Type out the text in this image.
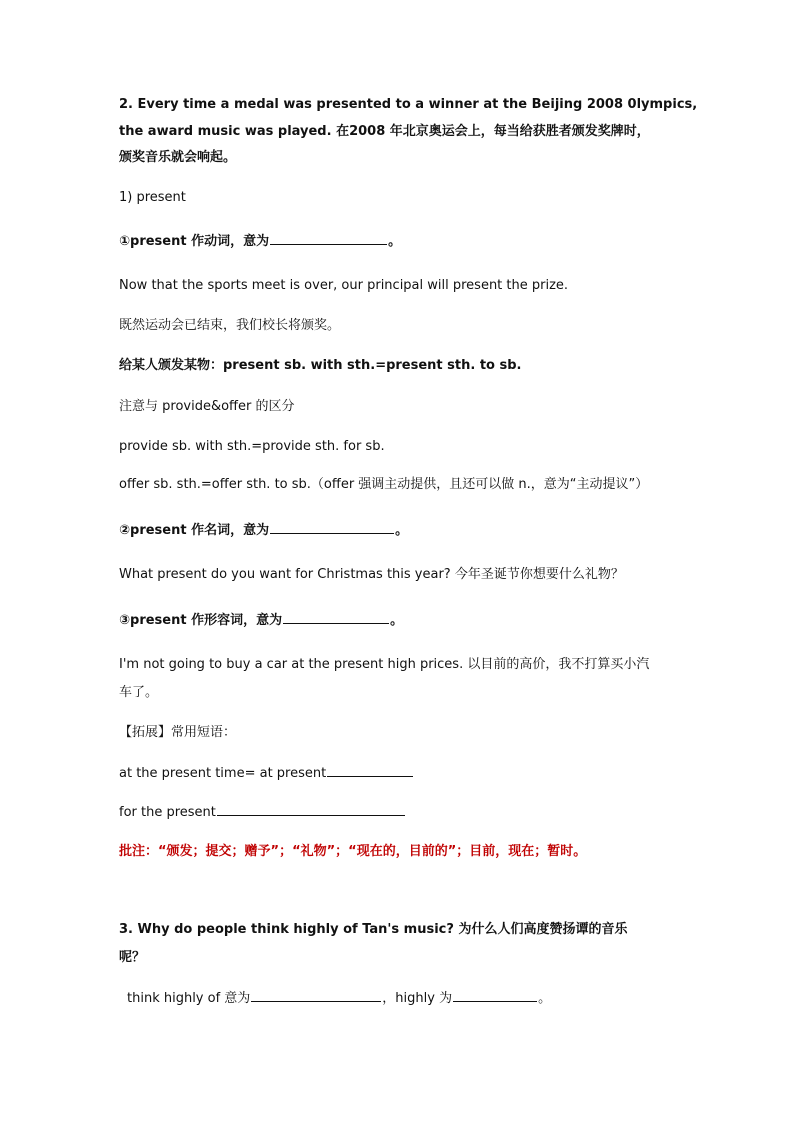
2. Every time a medal was presented to a winner at the Beijing 2008 0lympics,
the award music was played. 在2008 年北京奥运会上，每当给获胜者颁发奖牌时，
颁奖音乐就会响起。
1) present
①present 作动词，意为	。
Now that the sports meet is over, our principal will present the prize.
既然运动会已结束，我们校长将颁奖。
给某人颁发某物：present sb. with sth.=present sth. to sb.
注意与 provide&offer 的区分
provide sb. with sth.=provide sth. for sb.
offer sb. sth.=offer sth. to sb.（offer 强调主动提供，且还可以做 n.，意为“主动提议”）
②present 作名词，意为	。
What present do you want for Christmas this year? 今年圣诞节你想要什么礼物？
③present 作形容词，意为	。
I'm not going to buy a car at the present high prices. 以目前的高价，我不打算买小汽
车了。
【拓展】常用短语：
at the present time= at present
for the present
批注：“颁发；提交；赠予”；“礼物”；“现在的，目前的”；目前，现在；暂时。
3. Why do people think highly of Tan's music? 为什么人们高度赞扬谭的音乐
呢？
think highly of 意为	，highly 为	。
